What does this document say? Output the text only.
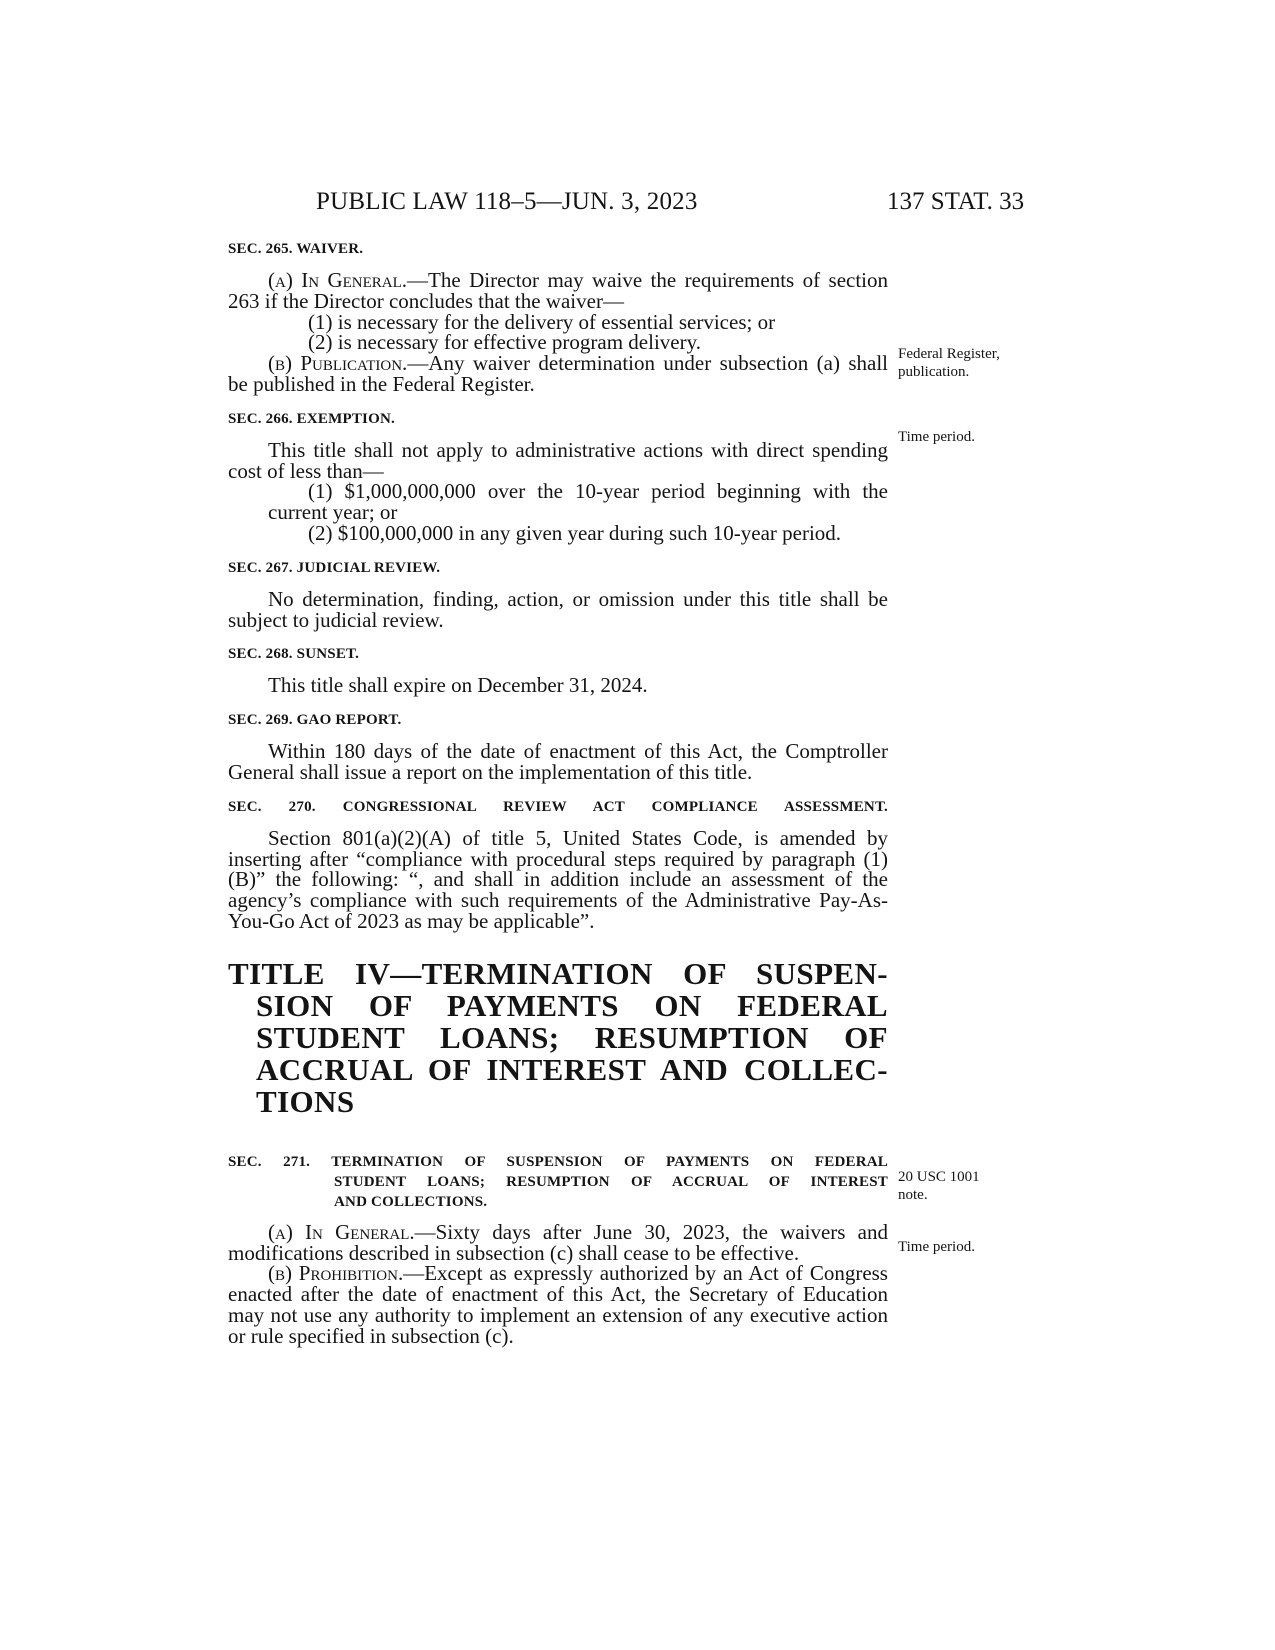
PUBLIC LAW 118–5—JUN. 3, 2023	137 STAT. 33
SEC. 265. WAIVER.

(a) In General.—The Director may waive the requirements of section 263 if the Director concludes that the waiver—

(1) is necessary for the delivery of essential services; or

(2) is necessary for effective program delivery.

(b) Publication.—Any waiver determination under subsection (a) shall be published in the Federal Register.

SEC. 266. EXEMPTION.

This title shall not apply to administrative actions with direct spending cost of less than—

(1) $1,000,000,000 over the 10-year period beginning with the current year; or

(2) $100,000,000 in any given year during such 10-year period.

SEC. 267. JUDICIAL REVIEW.

No determination, finding, action, or omission under this title shall be subject to judicial review.

SEC. 268. SUNSET.

This title shall expire on December 31, 2024.

SEC. 269. GAO REPORT.

Within 180 days of the date of enactment of this Act, the Comptroller General shall issue a report on the implementation of this title.

SEC. 270. CONGRESSIONAL REVIEW ACT COMPLIANCE ASSESSMENT.

Section 801(a)(2)(A) of title 5, United States Code, is amended by inserting after “compliance with procedural steps required by paragraph (1)(B)” the following: “, and shall in addition include an assessment of the agency’s compliance with such requirements of the Administrative Pay-As-You-Go Act of 2023 as may be applicable”.

TITLE IV—TERMINATION OF SUSPEN-
SION OF PAYMENTS ON FEDERAL
STUDENT LOANS; RESUMPTION OF
ACCRUAL OF INTEREST AND COLLEC-
TIONS
SEC. 271. TERMINATION OF SUSPENSION OF PAYMENTS ON FEDERAL
STUDENT LOANS; RESUMPTION OF ACCRUAL OF INTEREST
AND COLLECTIONS.

(a) In General.—Sixty days after June 30, 2023, the waivers and modifications described in subsection (c) shall cease to be effective.

(b) Prohibition.—Except as expressly authorized by an Act of Congress enacted after the date of enactment of this Act, the Secretary of Education may not use any authority to implement an extension of any executive action or rule specified in subsection (c).

Federal Register,
publication.
Time period.
20 USC 1001
note.
Time period.
